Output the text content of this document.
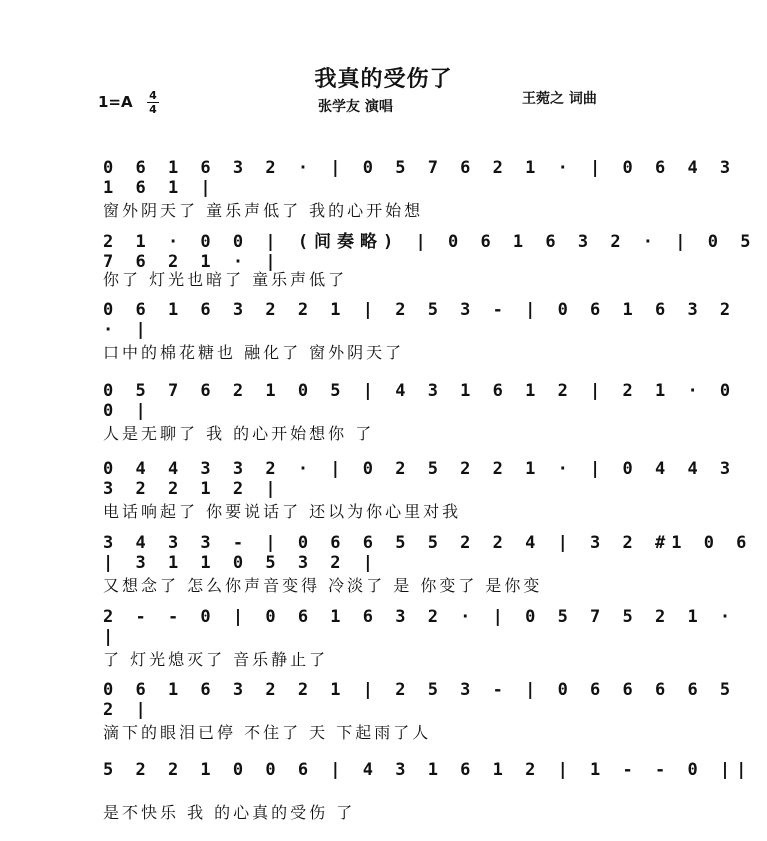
我真的受伤了
1=A 4
4	张学友 演唱	王菀之 词曲
0 6 1 6 3 2 · | 0 5 7 6 2 1 · | 0 6 4 3 1 6 1 |
窗外阴天了 童乐声低了 我的心开始想
2 1 · 0 0 | (间奏略) | 0 6 1 6 3 2 · | 0 5 7 6 2 1 · |
你了 灯光也暗了 童乐声低了
0 6 1 6 3 2 2 1 | 2 5 3 - | 0 6 1 6 3 2 · |
口中的棉花糖也 融化了 窗外阴天了
0 5 7 6 2 1 0 5 | 4 3 1 6 1 2 | 2 1 · 0 0 |
人是无聊了 我 的心开始想你 了
0 4 4 3 3 2 · | 0 2 5 2 2 1 · | 0 4 4 3 3 2 2 1 2 |
电话响起了 你要说话了 还以为你心里对我
3 4 3 3 - | 0 6 6 5 5 2 2 4 | 3 2 #1 0 6 | 3 1 1 0 5 3 2 |
又想念了 怎么你声音变得 冷淡了 是 你变了 是你变
2 - - 0 | 0 6 1 6 3 2 · | 0 5 7 5 2 1 · |
了 灯光熄灭了 音乐静止了
0 6 1 6 3 2 2 1 | 2 5 3 - | 0 6 6 6 6 5 2 |
滴下的眼泪已停 不住了 天 下起雨了人
5 2 2 1 0 0 6 | 4 3 1 6 1 2 | 1 - - 0 ||
是不快乐 我 的心真的受伤 了
